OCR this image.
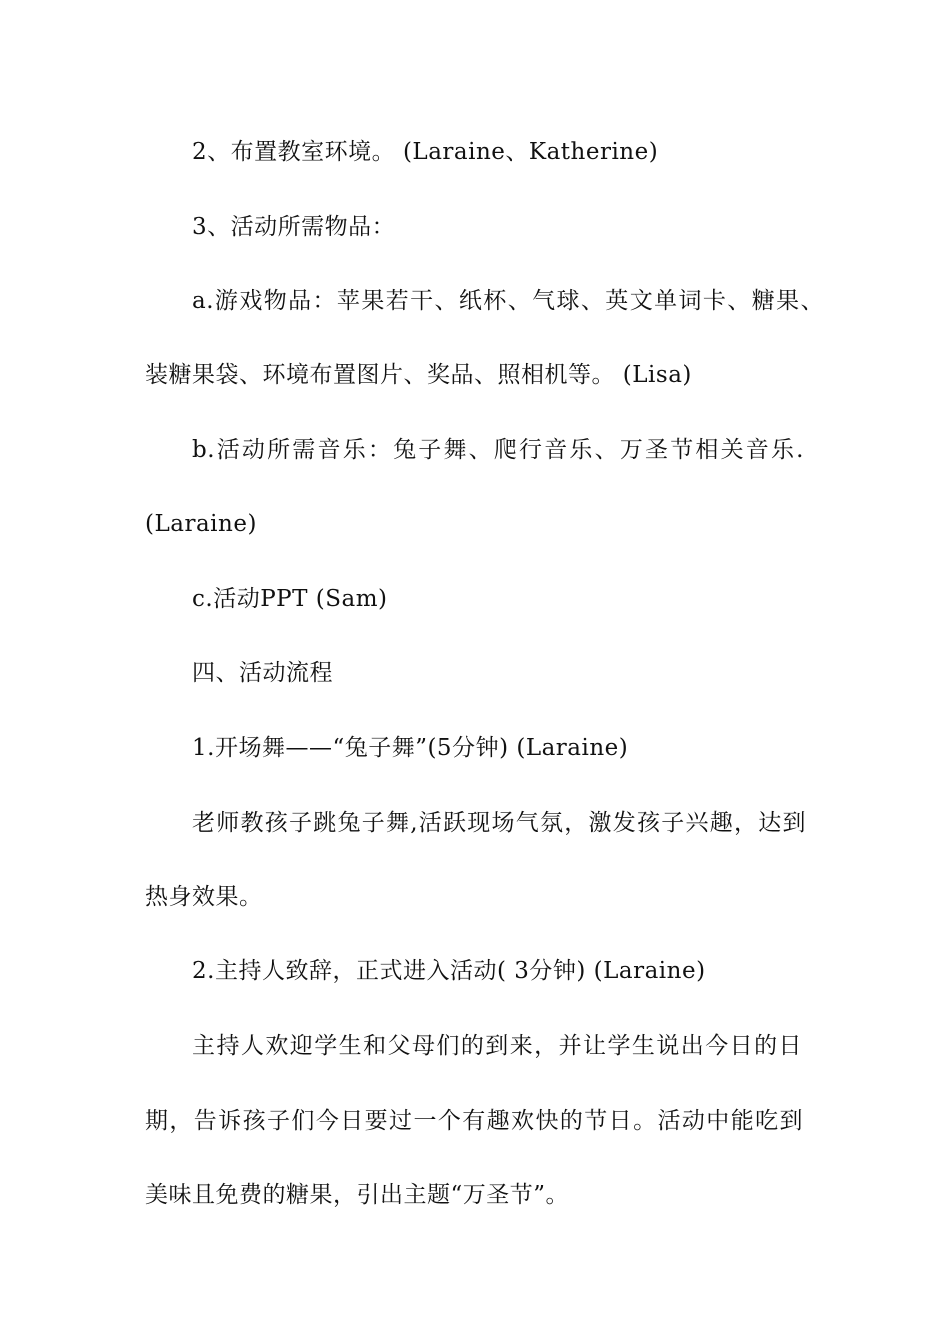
2、布置教室环境。 (Laraine、Katherine)
3、活动所需物品：
a.游戏物品：苹果若干、纸杯、气球、英文单词卡、糖果、
装糖果袋、环境布置图片、奖品、照相机等。 (Lisa)
b.活动所需音乐：兔子舞、爬行音乐、万圣节相关音乐.
(Laraine)
c.活动PPT (Sam)
四、活动流程
1.开场舞——“兔子舞”(5分钟) (Laraine)
老师教孩子跳兔子舞,活跃现场气氛，激发孩子兴趣，达到
热身效果。
2.主持人致辞，正式进入活动( 3分钟) (Laraine)
主持人欢迎学生和父母们的到来，并让学生说出今日的日
期，告诉孩子们今日要过一个有趣欢快的节日。活动中能吃到
美味且免费的糖果，引出主题“万圣节”。
